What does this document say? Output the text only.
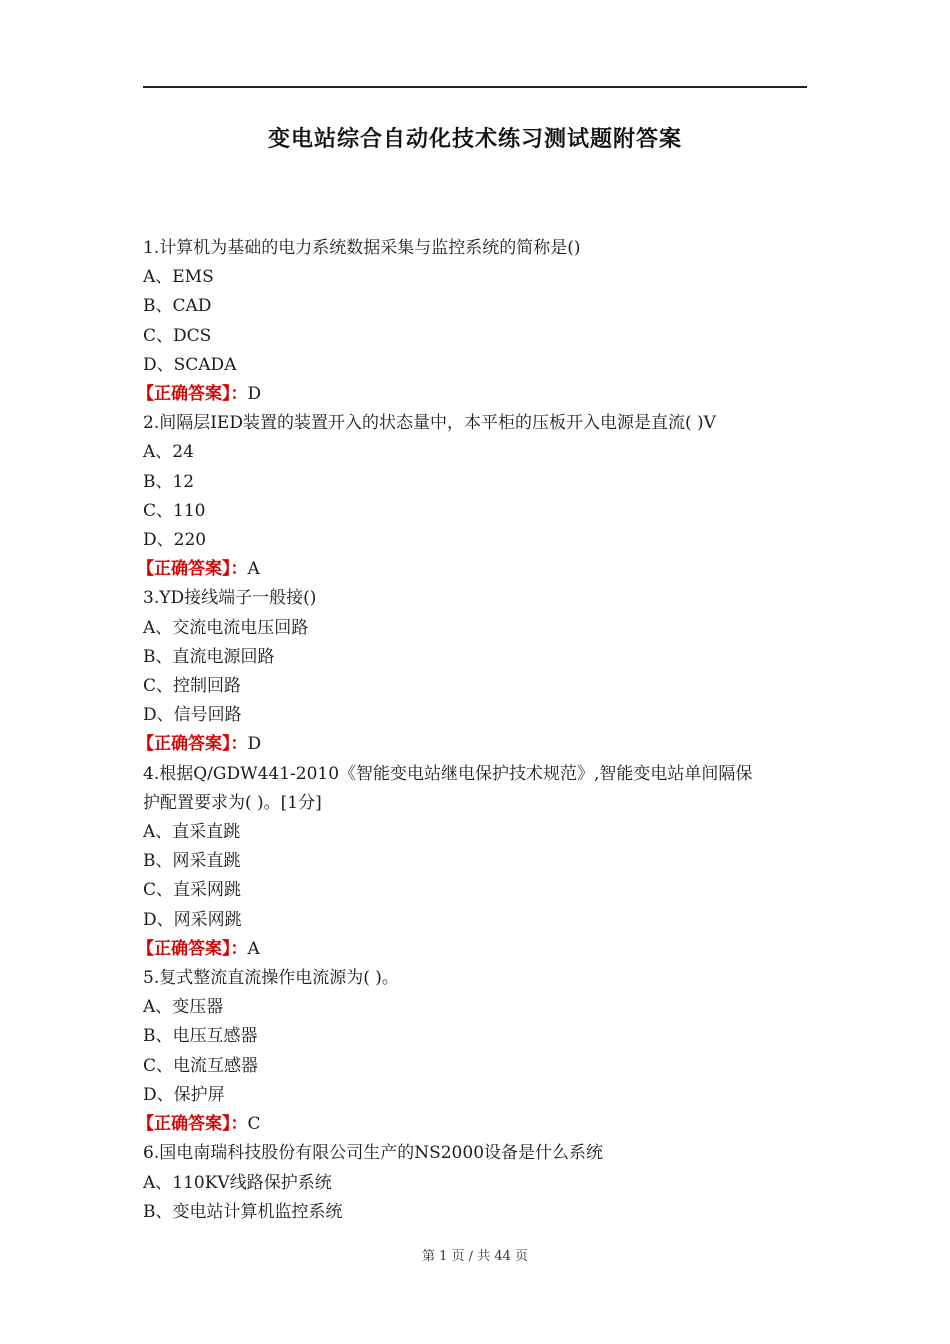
变电站综合自动化技术练习测试题附答案
1.计算机为基础的电力系统数据采集与监控系统的简称是()
A、EMS
B、CAD
C、DCS
D、SCADA
【正确答案】：D
2.间隔层IED装置的装置开入的状态量中，本平柜的压板开入电源是直流( )V
A、24
B、12
C、110
D、220
【正确答案】：A
3.YD接线端子一般接()
A、交流电流电压回路
B、直流电源回路
C、控制回路
D、信号回路
【正确答案】：D
4.根据Q/GDW441-2010《智能变电站继电保护技术规范》,智能变电站单间隔保
护配置要求为( )。[1分]
A、直采直跳
B、网采直跳
C、直采网跳
D、网采网跳
【正确答案】：A
5.复式整流直流操作电流源为( )。
A、变压器
B、电压互感器
C、电流互感器
D、保护屏
【正确答案】：C
6.国电南瑞科技股份有限公司生产的NS2000设备是什么系统
A、110KV线路保护系统
B、变电站计算机监控系统
第 1 页 / 共 44 页
